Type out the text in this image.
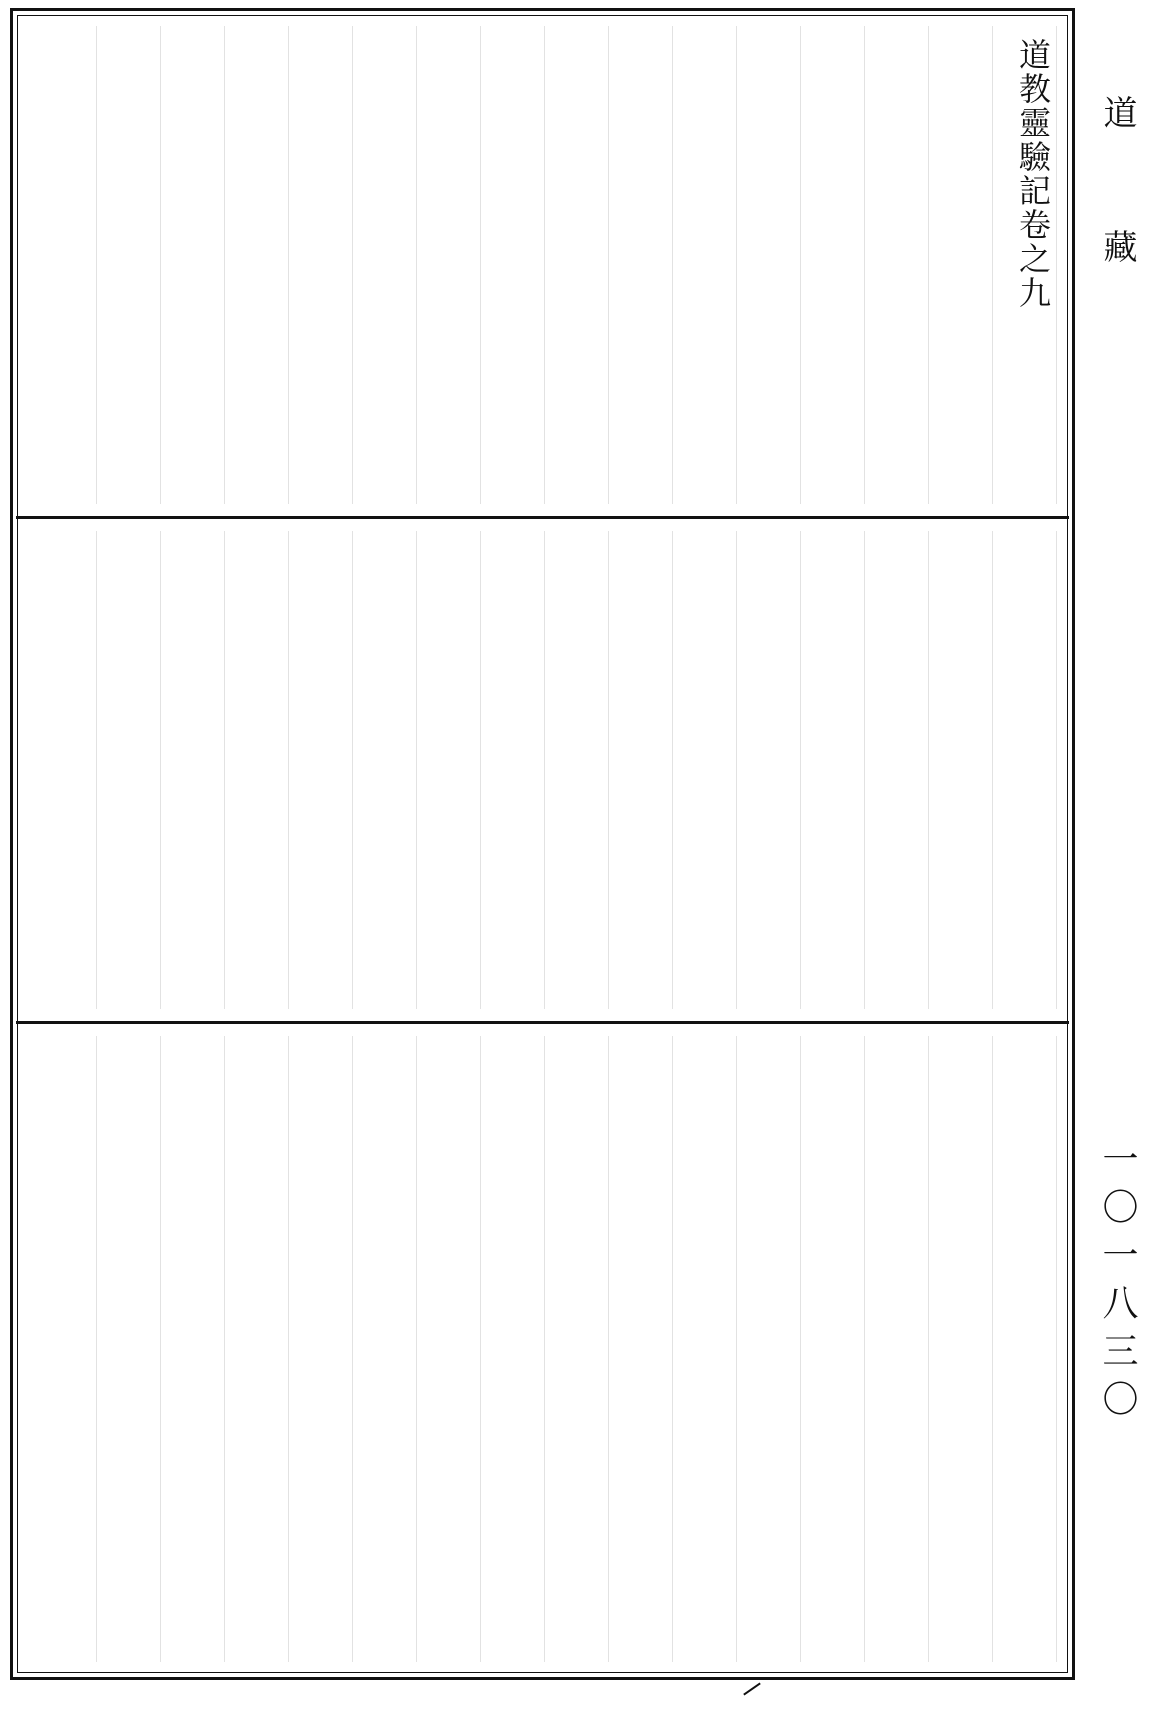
道教靈驗記卷之九	道藏
一〇一八三〇
